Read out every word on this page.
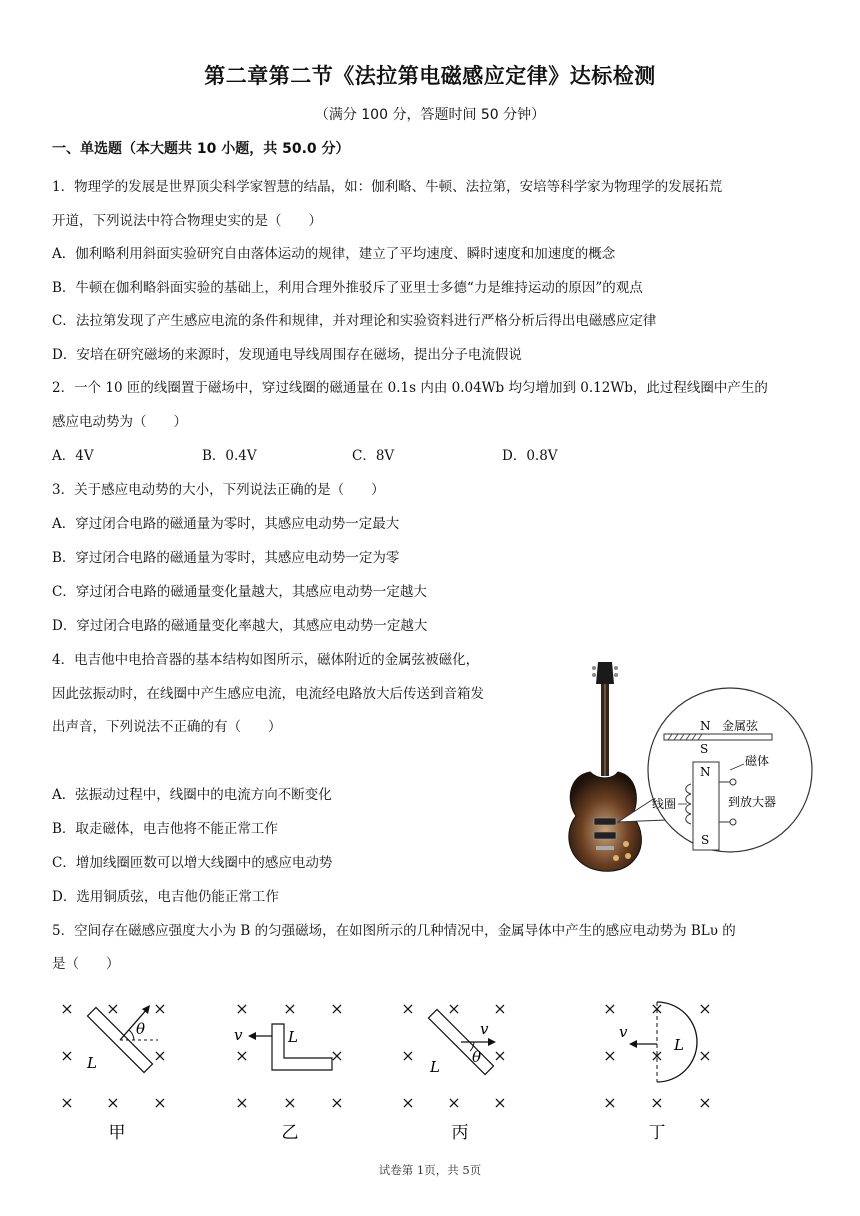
第二章第二节《法拉第电磁感应定律》达标检测
（满分 100 分，答题时间 50 分钟）
一、单选题（本大题共 10 小题，共 50.0 分）
1．物理学的发展是世界顶尖科学家智慧的结晶，如：伽利略、牛顿、法拉第，安培等科学家为物理学的发展拓荒
开道，下列说法中符合物理史实的是（　　）
A．伽利略利用斜面实验研究自由落体运动的规律，建立了平均速度、瞬时速度和加速度的概念
B．牛顿在伽利略斜面实验的基础上，利用合理外推驳斥了亚里士多德“力是维持运动的原因”的观点
C．法拉第发现了产生感应电流的条件和规律，并对理论和实验资料进行严格分析后得出电磁感应定律
D．安培在研究磁场的来源时，发现通电导线周围存在磁场，提出分子电流假说
2．一个 10 匝的线圈置于磁场中，穿过线圈的磁通量在 0.1s 内由 0.04Wb 均匀增加到 0.12Wb，此过程线圈中产生的
感应电动势为（　　）
A．4V	B．0.4V	C．8V	D．0.8V
3．关于感应电动势的大小，下列说法正确的是（　　）
A．穿过闭合电路的磁通量为零时，其感应电动势一定最大
B．穿过闭合电路的磁通量为零时，其感应电动势一定为零
C．穿过闭合电路的磁通量变化量越大，其感应电动势一定越大
D．穿过闭合电路的磁通量变化率越大，其感应电动势一定越大
4．电吉他中电拾音器的基本结构如图所示，磁体附近的金属弦被磁化，
因此弦振动时，在线圈中产生感应电流，电流经电路放大后传送到音箱发
出声音，下列说法不正确的有（　　）
A．弦振动过程中，线圈中的电流方向不断变化
B．取走磁体，电吉他将不能正常工作
C．增加线圈匝数可以增大线圈中的感应电动势
D．选用铜质弦，电吉他仍能正常工作
N
S
金属弦
N
S
磁体
线圈	到放大器
5．空间存在磁感应强度大小为 B 的匀强磁场，在如图所示的几种情况中，金属导体中产生的感应电动势为 BLυ 的
是（　　）
× × ×
×	×
× × ×
× × ×
×	×
× × ×
× × ×
×	×
× × ×
× × ×
× × ×
× × ×
θ
L
甲
v	L
乙
v
θ
L
丙
v
L
丁
试卷第 1页，共 5页
